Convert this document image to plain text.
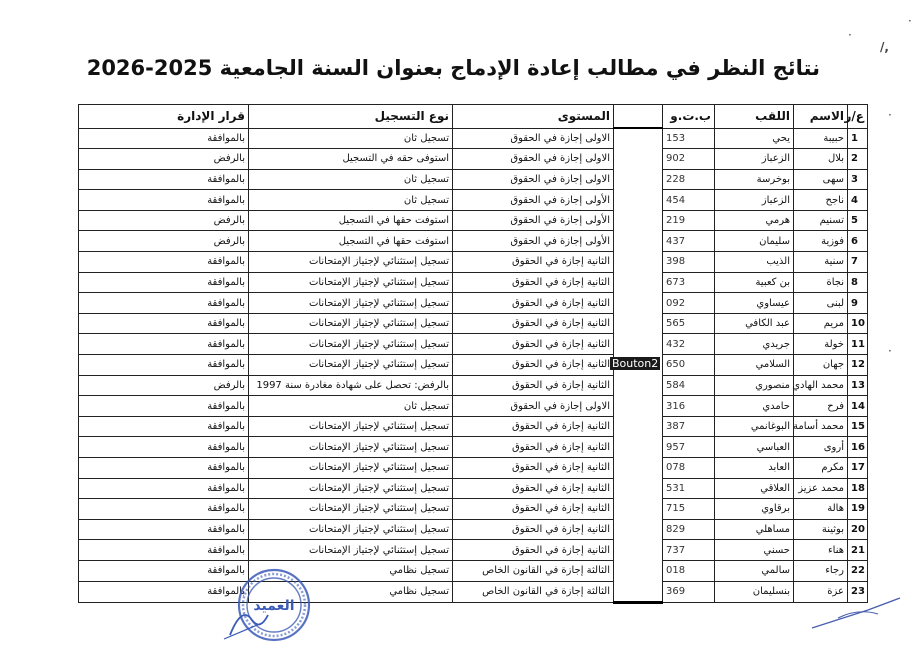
نتائج النظر في مطالب إعادة الإدماج بعنوان السنة الجامعية 2025-2026
/,
·
·
·
·
ع/ر	الاسم	اللقب	ب.ت.و		المستوى	نوع التسجيل	قرار الإدارة
1	حبيبة	يحي	153		الاولى إجازة في الحقوق	تسجيل ثان	بالموافقة
2	بلال	الزعباز	902		الاولى إجازة في الحقوق	استوفى حقه في التسجيل	بالرفض
3	سهى	بوخرسة	228		الاولى إجازة في الحقوق	تسجيل ثان	بالموافقة
4	ناجح	الزعباز	454		الأولى إجازة في الحقوق	تسجيل ثان	بالموافقة
5	تسنيم	هرمي	219		الأولى إجازة في الحقوق	استوفت حقها في التسجيل	بالرفض
6	فوزية	سليمان	437		الأولى إجازة في الحقوق	استوفت حقها في التسجيل	بالرفض
7	سنية	الذيب	398		الثانية إجازة في الحقوق	تسجيل إستثنائي لإجتياز الإمتحانات	بالموافقة
8	نجاة	بن كعبية	673		الثانية إجازة في الحقوق	تسجيل إستثنائي لإجتياز الإمتحانات	بالموافقة
9	لبنى	عيساوي	092		الثانية إجازة في الحقوق	تسجيل إستثنائي لإجتياز الإمتحانات	بالموافقة
10	مريم	عبد الكافي	565		الثانية إجازة في الحقوق	تسجيل إستثنائي لإجتياز الإمتحانات	بالموافقة
11	خولة	جريدي	432		الثانية إجازة في الحقوق	تسجيل إستثنائي لإجتياز الإمتحانات	بالموافقة
12	جهان	السلامي	650	Bouton2	الثانية إجازة في الحقوق	تسجيل إستثنائي لإجتياز الإمتحانات	بالموافقة
13	محمد الهادي	منصوري	584		الثانية إجازة في الحقوق	بالرفض: تحصل على شهادة مغادرة سنة 1997	بالرفض
14	فرح	حامدي	316		الاولى إجازة في الحقوق	تسجيل ثان	بالموافقة
15	محمد أسامة	البوغانمي	387		الثانية إجازة في الحقوق	تسجيل إستثنائي لإجتياز الإمتحانات	بالموافقة
16	أروى	العباسي	957		الثانية إجازة في الحقوق	تسجيل إستثنائي لإجتياز الإمتحانات	بالموافقة
17	مكرم	العابد	078		الثانية إجازة في الحقوق	تسجيل إستثنائي لإجتياز الإمتحانات	بالموافقة
18	محمد عزيز	العلاقي	531		الثانية إجازة في الحقوق	تسجيل إستثنائي لإجتياز الإمتحانات	بالموافقة
19	هالة	برقاوي	715		الثانية إجازة في الحقوق	تسجيل إستثنائي لإجتياز الإمتحانات	بالموافقة
20	بوثينة	مساهلي	829		الثانية إجازة في الحقوق	تسجيل إستثنائي لإجتياز الإمتحانات	بالموافقة
21	هناء	حسني	737		الثانية إجازة في الحقوق	تسجيل إستثنائي لإجتياز الإمتحانات	بالموافقة
22	رجاء	سالمي	018		الثالثة إجازة في القانون الخاص	تسجيل نظامي	بالموافقة
23	عزة	بنسليمان	369		الثالثة إجازة في القانون الخاص	تسجيل نظامي	بالموافقة
العميد
